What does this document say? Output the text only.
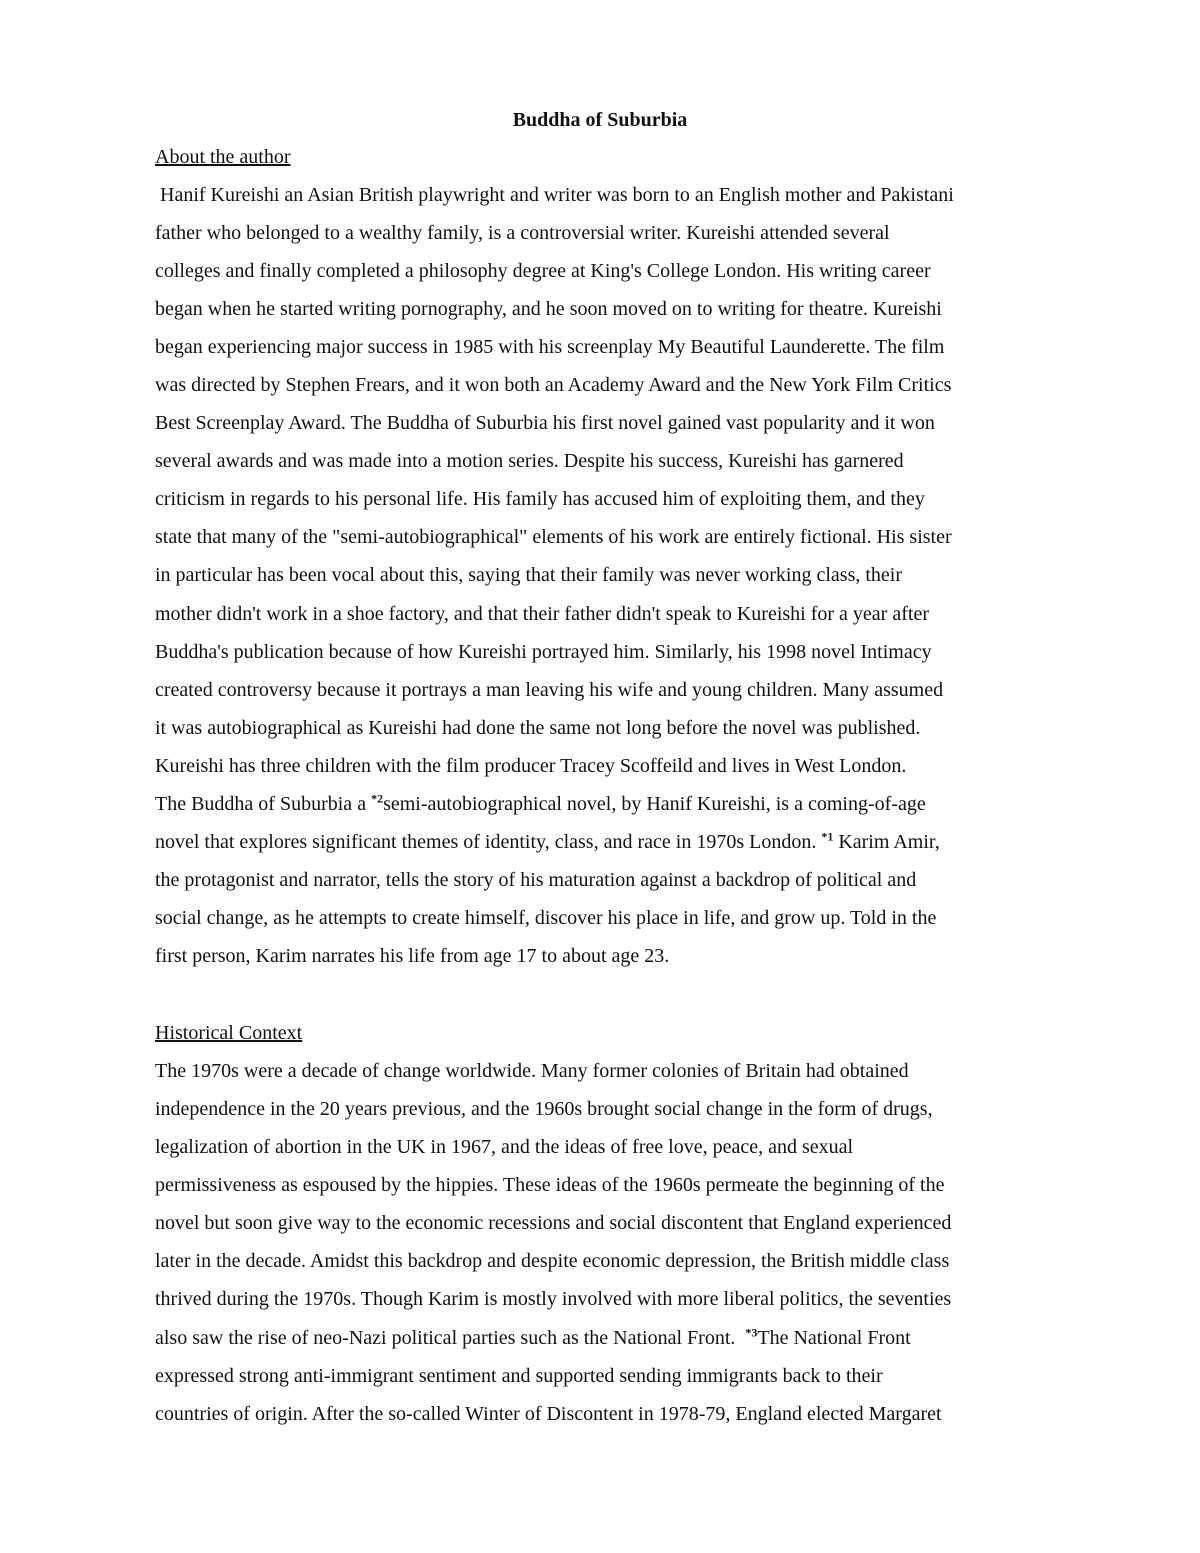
Buddha of Suburbia

About the author

Hanif Kureishi an Asian British playwright and writer was born to an English mother and Pakistani

father who belonged to a wealthy family, is a controversial writer. Kureishi attended several

colleges and finally completed a philosophy degree at King's College London. His writing career

began when he started writing pornography, and he soon moved on to writing for theatre. Kureishi

began experiencing major success in 1985 with his screenplay My Beautiful Launderette. The film

was directed by Stephen Frears, and it won both an Academy Award and the New York Film Critics

Best Screenplay Award. The Buddha of Suburbia his first novel gained vast popularity and it won

several awards and was made into a motion series. Despite his success, Kureishi has garnered

criticism in regards to his personal life. His family has accused him of exploiting them, and they

state that many of the "semi-autobiographical" elements of his work are entirely fictional. His sister

in particular has been vocal about this, saying that their family was never working class, their

mother didn't work in a shoe factory, and that their father didn't speak to Kureishi for a year after

Buddha's publication because of how Kureishi portrayed him. Similarly, his 1998 novel Intimacy

created controversy because it portrays a man leaving his wife and young children. Many assumed

it was autobiographical as Kureishi had done the same not long before the novel was published.

Kureishi has three children with the film producer Tracey Scoffeild and lives in West London.

The Buddha of Suburbia a $^{*2}$semi-autobiographical novel, by Hanif Kureishi, is a coming-of-age

novel that explores significant themes of identity, class, and race in 1970s London. $^{*1}$ Karim Amir,

the protagonist and narrator, tells the story of his maturation against a backdrop of political and

social change, as he attempts to create himself, discover his place in life, and grow up. Told in the

first person, Karim narrates his life from age 17 to about age 23.

Historical Context

The 1970s were a decade of change worldwide. Many former colonies of Britain had obtained

independence in the 20 years previous, and the 1960s brought social change in the form of drugs,

legalization of abortion in the UK in 1967, and the ideas of free love, peace, and sexual

permissiveness as espoused by the hippies. These ideas of the 1960s permeate the beginning of the

novel but soon give way to the economic recessions and social discontent that England experienced

later in the decade. Amidst this backdrop and despite economic depression, the British middle class

thrived during the 1970s. Though Karim is mostly involved with more liberal politics, the seventies

also saw the rise of neo-Nazi political parties such as the National Front.  $^{*3}$The National Front

expressed strong anti-immigrant sentiment and supported sending immigrants back to their

countries of origin. After the so-called Winter of Discontent in 1978-79, England elected Margaret
